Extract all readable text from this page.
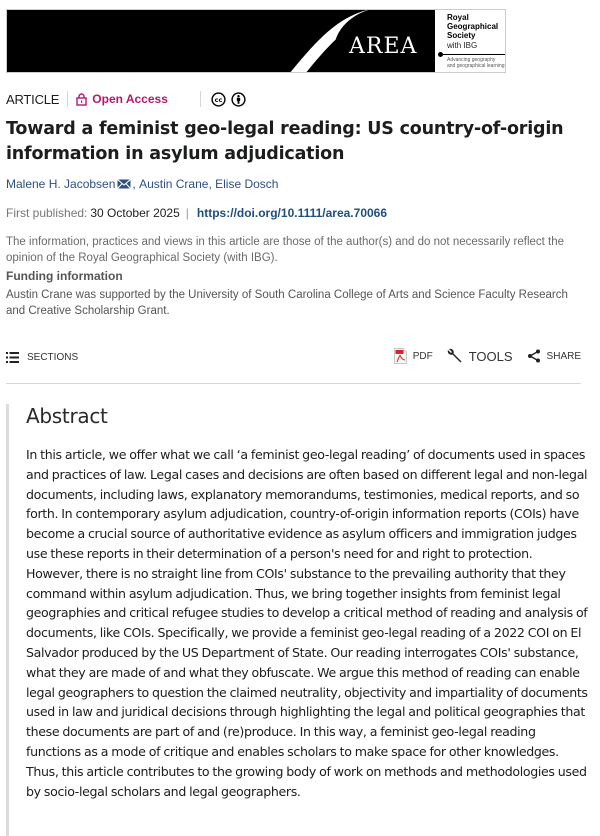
AREA
Royal
Geographical
Society
with IBG
Advancing geography and geographical learning
ARTICLE	Open Access	cc
Toward a feminist geo-legal reading: US country-of-origin information in asylum adjudication
Malene H. Jacobsen , Austin Crane , Elise Dosch
First published: 30 October 2025 | https://doi.org/10.1111/area.70066
The information, practices and views in this article are those of the author(s) and do not necessarily reflect the opinion of the Royal Geographical Society (with IBG).
Funding information
Austin Crane was supported by the University of South Carolina College of Arts and Science Faculty Research and Creative Scholarship Grant.
SECTIONS	PDF	TOOLS	SHARE
Abstract

In this article, we offer what we call ‘a feminist geo-legal reading’ of documents used in spaces and practices of law. Legal cases and decisions are often based on different legal and non-legal documents, including laws, explanatory memorandums, testimonies, medical reports, and so forth. In contemporary asylum adjudication, country-of-origin information reports (COIs) have become a crucial source of authoritative evidence as asylum officers and immigration judges use these reports in their determination of a person's need for and right to protection. However, there is no straight line from COIs' substance to the prevailing authority that they command within asylum adjudication. Thus, we bring together insights from feminist legal geographies and critical refugee studies to develop a critical method of reading and analysis of documents, like COIs. Specifically, we provide a feminist geo-legal reading of a 2022 COI on El Salvador produced by the US Department of State. Our reading interrogates COIs' substance, what they are made of and what they obfuscate. We argue this method of reading can enable legal geographers to question the claimed neutrality, objectivity and impartiality of documents used in law and juridical decisions through highlighting the legal and political geographies that these documents are part of and (re)produce. In this way, a feminist geo-legal reading functions as a mode of critique and enables scholars to make space for other knowledges. Thus, this article contributes to the growing body of work on methods and methodologies used by socio-legal scholars and legal geographers.
